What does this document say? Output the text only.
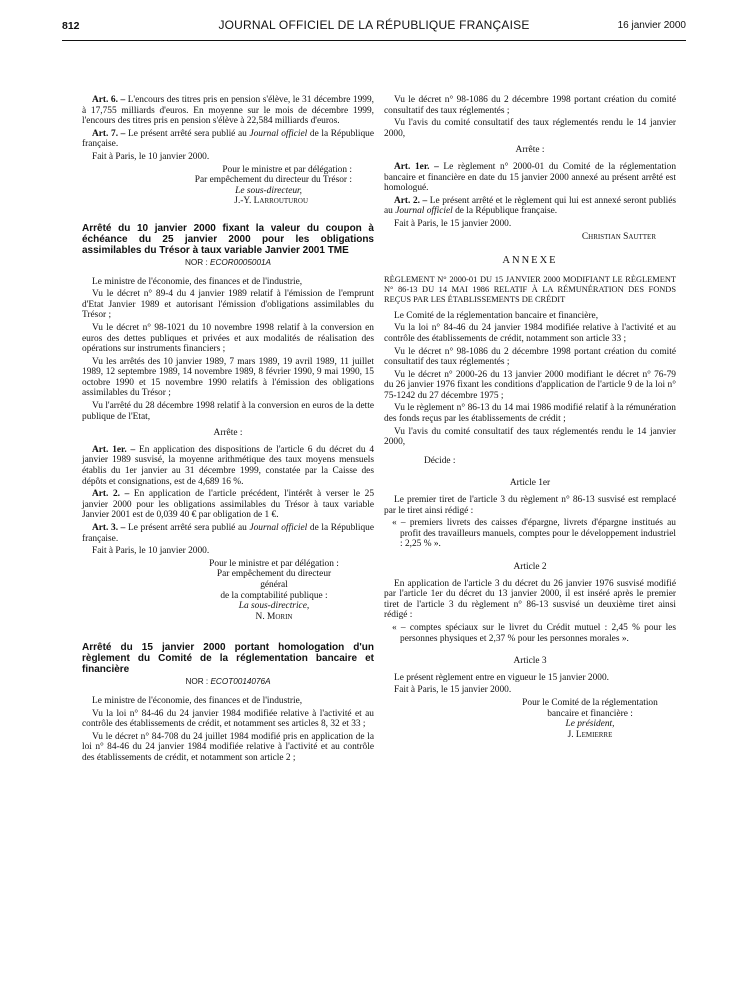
812	JOURNAL OFFICIEL DE LA RÉPUBLIQUE FRANÇAISE	16 janvier 2000

Art. 6. – L'encours des titres pris en pension s'élève, le 31 décembre 1999, à 17,755 milliards d'euros. En moyenne sur le mois de décembre 1999, l'encours des titres pris en pension s'élève à 22,584 milliards d'euros.

Art. 7. – Le présent arrêté sera publié au Journal officiel de la République française.

Fait à Paris, le 10 janvier 2000.

Pour le ministre et par délégation :
Par empêchement du directeur du Trésor :
Le sous-directeur,
J.-Y. Larrouturou
Arrêté du 10 janvier 2000 fixant la valeur du coupon à échéance du 25 janvier 2000 pour les obligations assimilables du Trésor à taux variable Janvier 2001 TME
NOR : ECOR0005001A

Le ministre de l'économie, des finances et de l'industrie,

Vu le décret n° 89-4 du 4 janvier 1989 relatif à l'émission de l'emprunt d'Etat Janvier 1989 et autorisant l'émission d'obligations assimilables du Trésor ;

Vu le décret n° 98-1021 du 10 novembre 1998 relatif à la conversion en euros des dettes publiques et privées et aux modalités de réalisation des opérations sur instruments financiers ;

Vu les arrêtés des 10 janvier 1989, 7 mars 1989, 19 avril 1989, 11 juillet 1989, 12 septembre 1989, 14 novembre 1989, 8 février 1990, 9 mai 1990, 15 octobre 1990 et 15 novembre 1990 relatifs à l'émission des obligations assimilables du Trésor ;

Vu l'arrêté du 28 décembre 1998 relatif à la conversion en euros de la dette publique de l'Etat,

Arrête :

Art. 1er. – En application des dispositions de l'article 6 du décret du 4 janvier 1989 susvisé, la moyenne arithmétique des taux moyens mensuels établis du 1er janvier au 31 décembre 1999, constatée par la Caisse des dépôts et consignations, est de 4,689 16 %.

Art. 2. – En application de l'article précédent, l'intérêt à verser le 25 janvier 2000 pour les obligations assimilables du Trésor à taux variable Janvier 2001 est de 0,039 40 € par obligation de 1 €.

Art. 3. – Le présent arrêté sera publié au Journal officiel de la République française.

Fait à Paris, le 10 janvier 2000.

Pour le ministre et par délégation :
Par empêchement du directeur général
de la comptabilité publique :
La sous-directrice,
N. Morin
Arrêté du 15 janvier 2000 portant homologation d'un règlement du Comité de la réglementation bancaire et financière
NOR : ECOT0014076A

Le ministre de l'économie, des finances et de l'industrie,

Vu la loi n° 84-46 du 24 janvier 1984 modifiée relative à l'activité et au contrôle des établissements de crédit, et notamment ses articles 8, 32 et 33 ;

Vu le décret n° 84-708 du 24 juillet 1984 modifié pris en application de la loi n° 84-46 du 24 janvier 1984 modifiée relative à l'activité et au contrôle des établissements de crédit, et notamment son article 2 ;

Vu le décret n° 98-1086 du 2 décembre 1998 portant création du comité consultatif des taux réglementés ;

Vu l'avis du comité consultatif des taux réglementés rendu le 14 janvier 2000,

Arrête :

Art. 1er. – Le règlement n° 2000-01 du Comité de la réglementation bancaire et financière en date du 15 janvier 2000 annexé au présent arrêté est homologué.

Art. 2. – Le présent arrêté et le règlement qui lui est annexé seront publiés au Journal officiel de la République française.

Fait à Paris, le 15 janvier 2000.

Christian Sautter

ANNEXE
RÈGLEMENT N° 2000-01 DU 15 JANVIER 2000 MODIFIANT LE RÈGLEMENT N° 86-13 DU 14 MAI 1986 RELATIF À LA RÉMUNÉRATION DES FONDS REÇUS PAR LES ÉTABLISSEMENTS DE CRÉDIT

Le Comité de la réglementation bancaire et financière,

Vu la loi n° 84-46 du 24 janvier 1984 modifiée relative à l'activité et au contrôle des établissements de crédit, notamment son article 33 ;

Vu le décret n° 98-1086 du 2 décembre 1998 portant création du comité consultatif des taux réglementés ;

Vu le décret n° 2000-26 du 13 janvier 2000 modifiant le décret n° 76-79 du 26 janvier 1976 fixant les conditions d'application de l'article 9 de la loi n° 75-1242 du 27 décembre 1975 ;

Vu le règlement n° 86-13 du 14 mai 1986 modifié relatif à la rémunération des fonds reçus par les établissements de crédit ;

Vu l'avis du comité consultatif des taux réglementés rendu le 14 janvier 2000,

Décide :

Article 1er

Le premier tiret de l'article 3 du règlement n° 86-13 susvisé est remplacé par le tiret ainsi rédigé :

« – premiers livrets des caisses d'épargne, livrets d'épargne institués au profit des travailleurs manuels, comptes pour le développement industriel : 2,25 % ».

Article 2

En application de l'article 3 du décret du 26 janvier 1976 susvisé modifié par l'article 1er du décret du 13 janvier 2000, il est inséré après le premier tiret de l'article 3 du règlement n° 86-13 susvisé un deuxième tiret ainsi rédigé :

« – comptes spéciaux sur le livret du Crédit mutuel : 2,45 % pour les personnes physiques et 2,37 % pour les personnes morales ».

Article 3

Le présent règlement entre en vigueur le 15 janvier 2000.

Fait à Paris, le 15 janvier 2000.

Pour le Comité de la réglementation
bancaire et financière :
Le président,
J. Lemierre
